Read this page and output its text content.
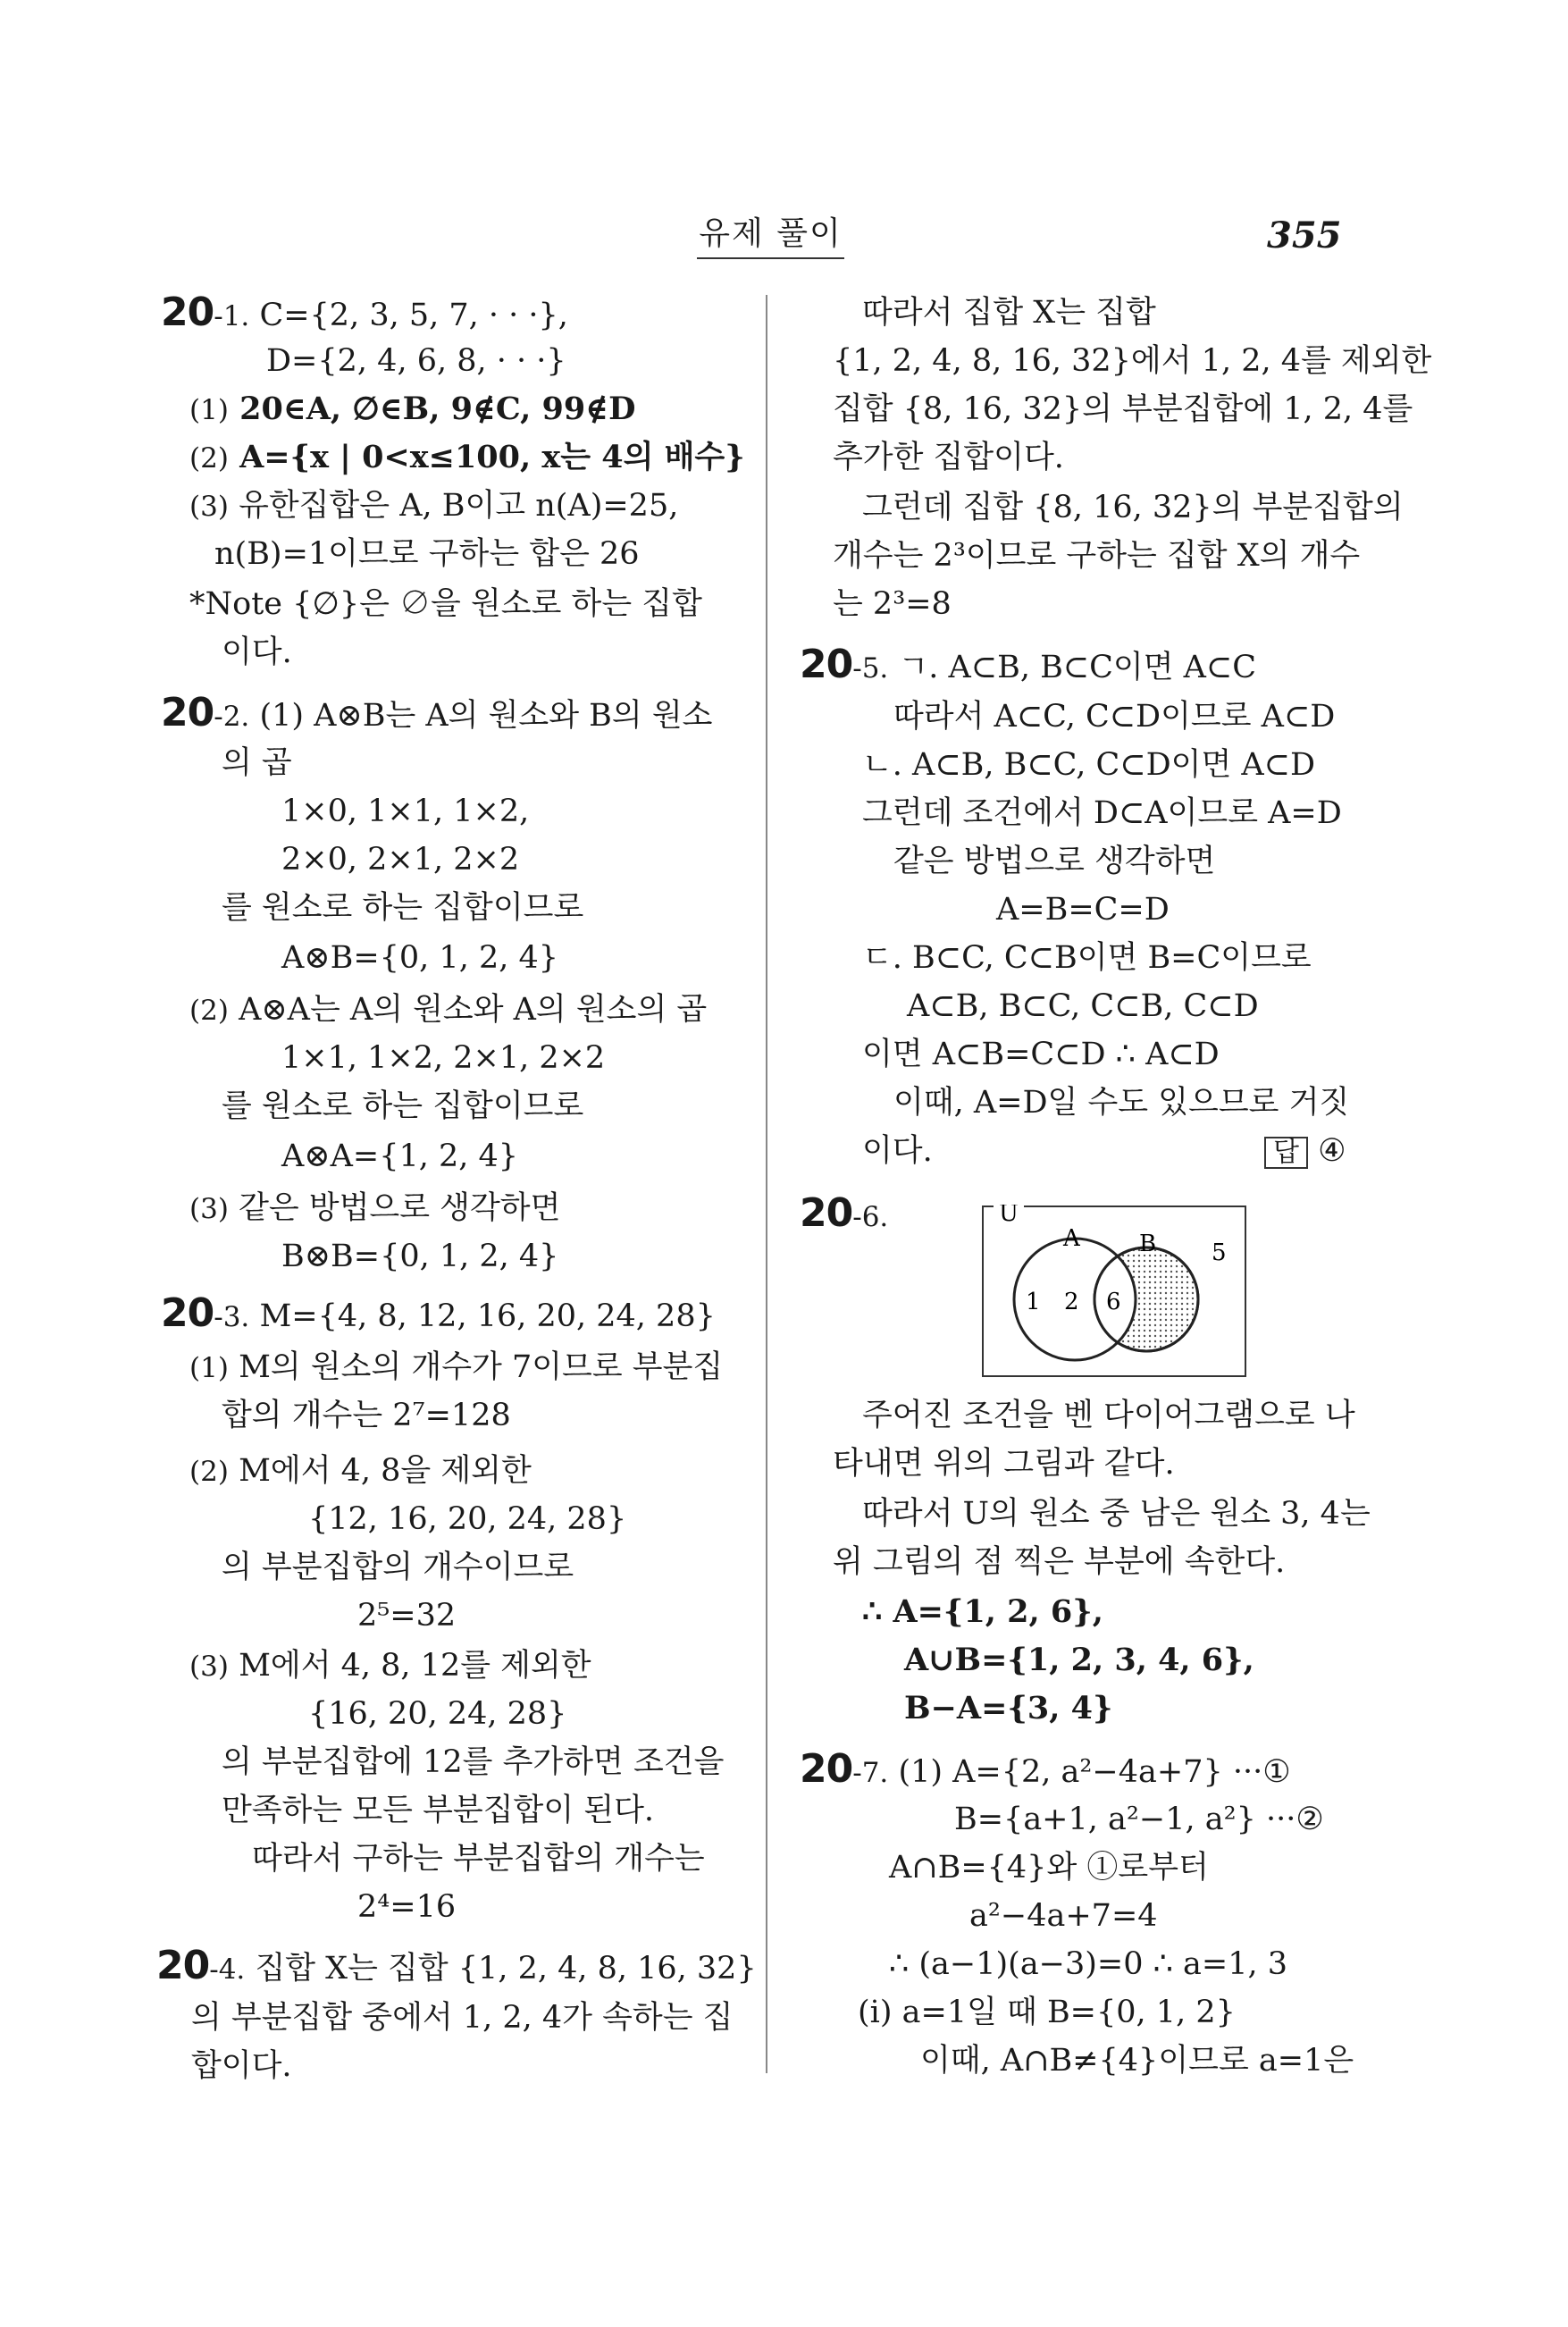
유제 풀이	355
20-1. C={2, 3, 5, 7, · · ·},
D={2, 4, 6, 8, · · ·}
(1) 20∈A, ∅∈B, 9∉C, 99∉D
(2) A={x | 0<x≤100, x는 4의 배수}
(3) 유한집합은 A, B이고 n(A)=25,
n(B)=1이므로 구하는 합은 26
*Note {∅}은 ∅을 원소로 하는 집합
이다.
20-2. (1) A⊗B는 A의 원소와 B의 원소
의 곱
1×0, 1×1, 1×2,
2×0, 2×1, 2×2
를 원소로 하는 집합이므로
A⊗B={0, 1, 2, 4}
(2) A⊗A는 A의 원소와 A의 원소의 곱
1×1, 1×2, 2×1, 2×2
를 원소로 하는 집합이므로
A⊗A={1, 2, 4}
(3) 같은 방법으로 생각하면
B⊗B={0, 1, 2, 4}
20-3. M={4, 8, 12, 16, 20, 24, 28}
(1) M의 원소의 개수가 7이므로 부분집
합의 개수는 2⁷=128
(2) M에서 4, 8을 제외한
{12, 16, 20, 24, 28}
의 부분집합의 개수이므로
2⁵=32
(3) M에서 4, 8, 12를 제외한
{16, 20, 24, 28}
의 부분집합에 12를 추가하면 조건을
만족하는 모든 부분집합이 된다.
따라서 구하는 부분집합의 개수는
2⁴=16
20-4. 집합 X는 집합 {1, 2, 4, 8, 16, 32}
의 부분집합 중에서 1, 2, 4가 속하는 집
합이다.
따라서 집합 X는 집합
{1, 2, 4, 8, 16, 32}에서 1, 2, 4를 제외한
집합 {8, 16, 32}의 부분집합에 1, 2, 4를
추가한 집합이다.
그런데 집합 {8, 16, 32}의 부분집합의
개수는 2³이므로 구하는 집합 X의 개수
는 2³=8
20-5. ㄱ. A⊂B, B⊂C이면 A⊂C
따라서 A⊂C, C⊂D이므로 A⊂D
ㄴ. A⊂B, B⊂C, C⊂D이면 A⊂D
그런데 조건에서 D⊂A이므로 A=D
같은 방법으로 생각하면
A=B=C=D
ㄷ. B⊂C, C⊂B이면 B=C이므로
A⊂B, B⊂C, C⊂B, C⊂D
이면 A⊂B=C⊂D ∴ A⊂D
이때, A=D일 수도 있으므로 거짓
이다.
20-6.
주어진 조건을 벤 다이어그램으로 나
타내면 위의 그림과 같다.
따라서 U의 원소 중 남은 원소 3, 4는
위 그림의 점 찍은 부분에 속한다.
∴ A={1, 2, 6},
A∪B={1, 2, 3, 4, 6},
B−A={3, 4}
20-7. (1) A={2, a²−4a+7} ···①
B={a+1, a²−1, a²} ···②
A∩B={4}와 ①로부터
a²−4a+7=4
∴ (a−1)(a−3)=0 ∴ a=1, 3
(i) a=1일 때 B={0, 1, 2}
이때, A∩B≠{4}이므로 a=1은
답 ④
U
A	B
1 2 6
5
